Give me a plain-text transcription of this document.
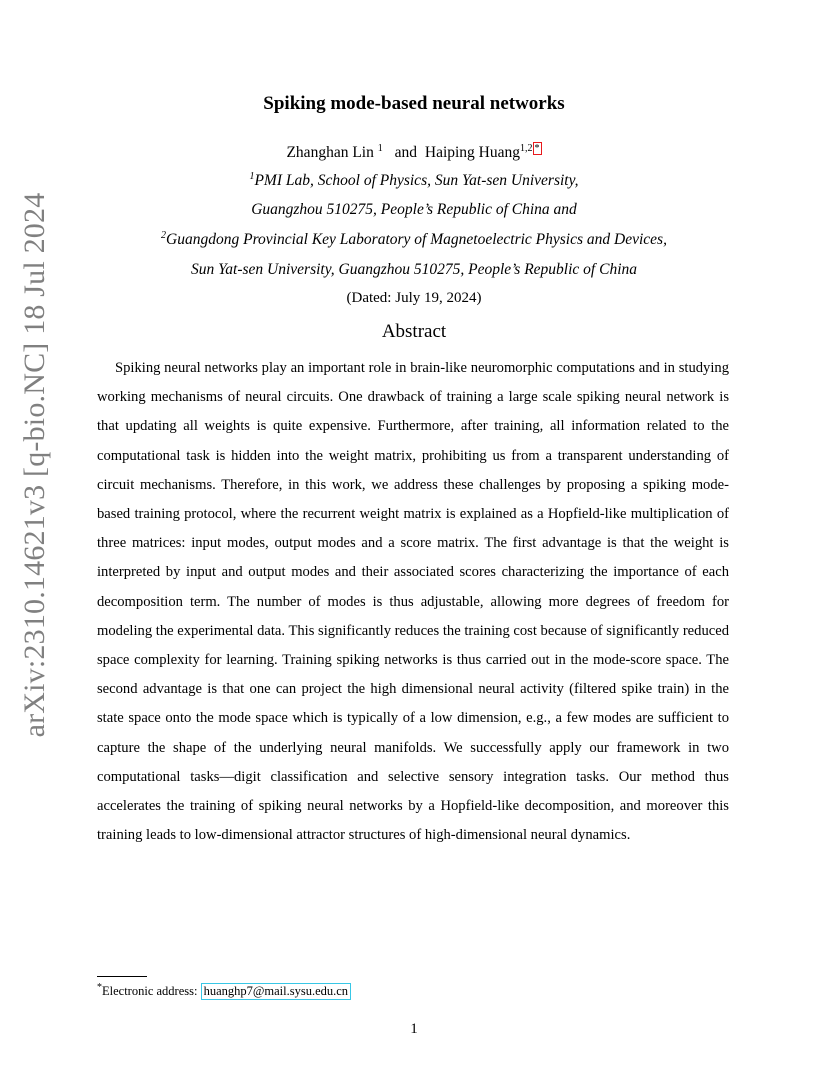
arXiv:2310.14621v3 [q-bio.NC] 18 Jul 2024
Spiking mode-based neural networks
Zhanghan Lin $^1$ and Haiping Huang$^{1,2}$ *
$^1$PMI Lab, School of Physics, Sun Yat-sen University,
Guangzhou 510275, People’s Republic of China and
$^2$Guangdong Provincial Key Laboratory of Magnetoelectric Physics and Devices,
Sun Yat-sen University, Guangzhou 510275, People’s Republic of China
(Dated: July 19, 2024)
Abstract

Spiking neural networks play an important role in brain-like neuromorphic computations and in studying working mechanisms of neural circuits. One drawback of training a large scale spiking neural network is that updating all weights is quite expensive. Furthermore, after training, all information related to the computational task is hidden into the weight matrix, prohibiting us from a transparent understanding of circuit mechanisms. Therefore, in this work, we address these challenges by proposing a spiking mode-based training protocol, where the recurrent weight matrix is explained as a Hopfield-like multiplication of three matrices: input modes, output modes and a score matrix. The first advantage is that the weight is interpreted by input and output modes and their associated scores characterizing the importance of each decomposition term. The number of modes is thus adjustable, allowing more degrees of freedom for modeling the experimental data. This significantly reduces the training cost because of significantly reduced space complexity for learning. Training spiking networks is thus carried out in the mode-score space. The second advantage is that one can project the high dimensional neural activity (filtered spike train) in the state space onto the mode space which is typically of a low dimension, e.g., a few modes are sufficient to capture the shape of the underlying neural manifolds. We successfully apply our framework in two computational tasks—digit classification and selective sensory integration tasks. Our method thus accelerates the training of spiking neural networks by a Hopfield-like decomposition, and moreover this training leads to low-dimensional attractor structures of high-dimensional neural dynamics.

*Electronic address: huanghp7@mail.sysu.edu.cn
1
